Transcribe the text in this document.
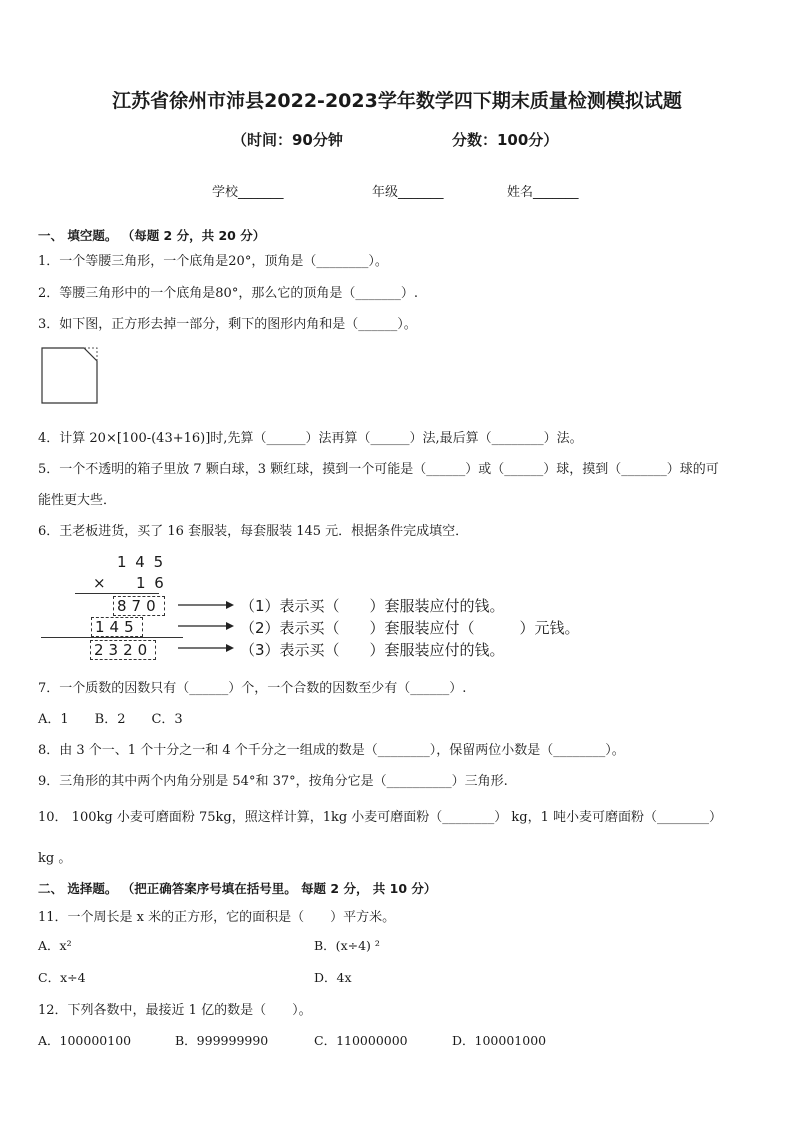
江苏省徐州市沛县2022-2023学年数学四下期末质量检测模拟试题
（时间：90分钟	分数：100分）
学校_______	年级_______	姓名_______
一、 填空题。 （每题 2 分，共 20 分）
1．一个等腰三角形，一个底角是20°，顶角是（________）。
2．等腰三角形中的一个底角是80°，那么它的顶角是（_______）.
3．如下图，正方形去掉一部分，剩下的图形内角和是（______）。
4．计算 20×[100-(43+16)]时,先算（______）法再算（______）法,最后算（________）法。
5．一个不透明的箱子里放 7 颗白球，3 颗红球，摸到一个可能是（______）或（______）球，摸到（_______）球的可
能性更大些．
6．王老板进货，买了 16 套服装，每套服装 145 元．根据条件完成填空．
1 4 5
× 1 6
870
145
2320
（1）表示买（　　）套服装应付的钱。
（2）表示买（　　）套服装应付（　　　）元钱。
（3）表示买（　　）套服装应付的钱。
7．一个质数的因数只有（______）个，一个合数的因数至少有（______）.
A．1　　B．2　　C．3
8．由 3 个一、1 个十分之一和 4 个千分之一组成的数是（________），保留两位小数是（________）。
9．三角形的其中两个内角分别是 54°和 37°，按角分它是（__________）三角形.
10． 100kg 小麦可磨面粉 75kg，照这样计算，1kg 小麦可磨面粉（________） kg，1 吨小麦可磨面粉（________）
kg 。
二、 选择题。 （把正确答案序号填在括号里。 每题 2 分， 共 10 分）
11．一个周长是 x 米的正方形，它的面积是（　　）平方米。
A．x²	B．(x÷4) ²
C．x÷4	D．4x
12．下列各数中，最接近 1 亿的数是（　　）。
A．100000100	B．999999990	C．110000000	D．100001000
